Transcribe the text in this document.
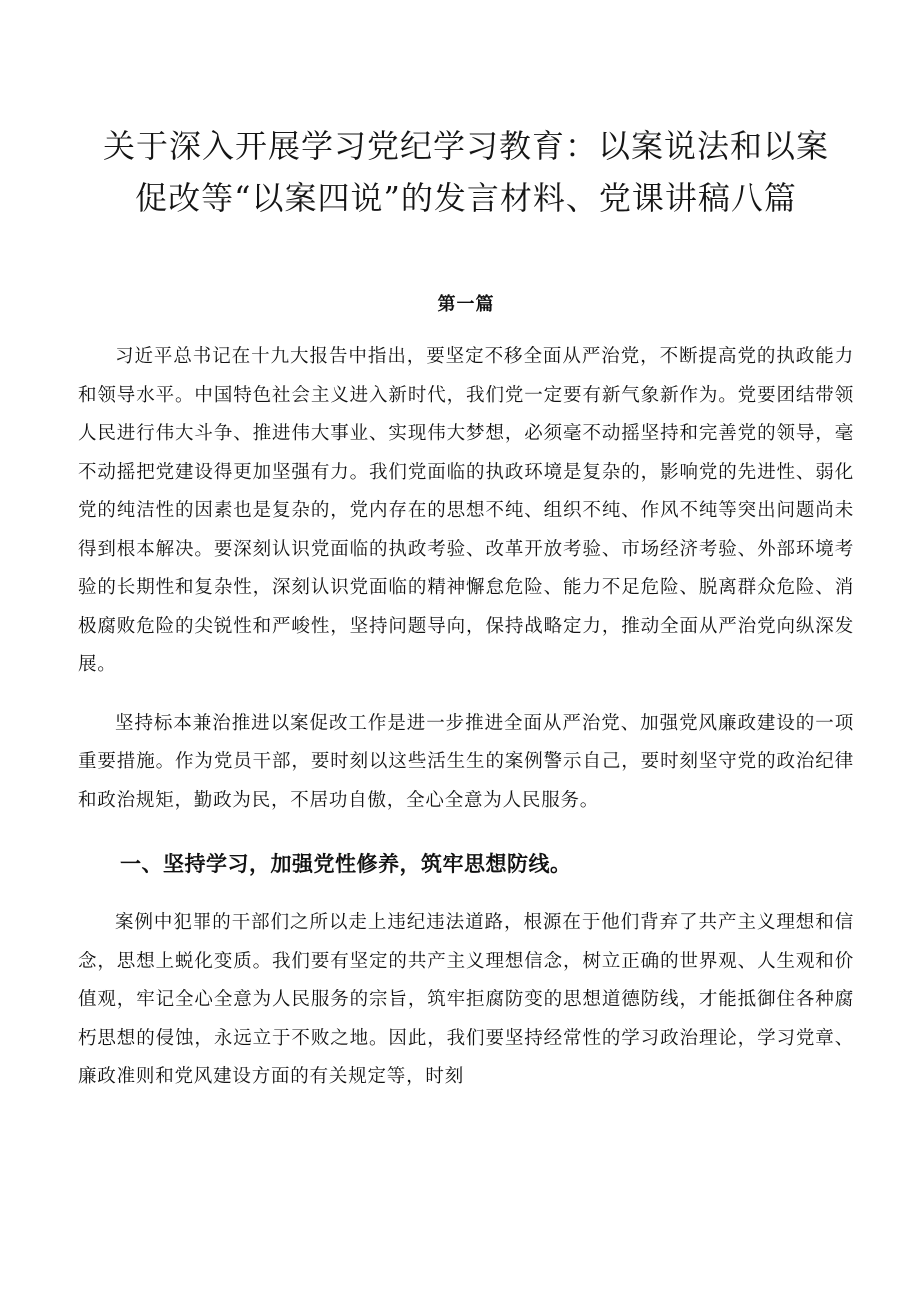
关于深入开展学习党纪学习教育：以案说法和以案
促改等“以案四说”的发言材料、党课讲稿八篇
第一篇

习近平总书记在十九大报告中指出，要坚定不移全面从严治党，不断提高党的执政能力和领导水平。中国特色社会主义进入新时代，我们党一定要有新气象新作为。党要团结带领人民进行伟大斗争、推进伟大事业、实现伟大梦想，必须毫不动摇坚持和完善党的领导，毫不动摇把党建设得更加坚强有力。我们党面临的执政环境是复杂的，影响党的先进性、弱化党的纯洁性的因素也是复杂的，党内存在的思想不纯、组织不纯、作风不纯等突出问题尚未得到根本解决。要深刻认识党面临的执政考验、改革开放考验、市场经济考验、外部环境考验的长期性和复杂性，深刻认识党面临的精神懈怠危险、能力不足危险、脱离群众危险、消极腐败危险的尖锐性和严峻性，坚持问题导向，保持战略定力，推动全面从严治党向纵深发展。

坚持标本兼治推进以案促改工作是进一步推进全面从严治党、加强党风廉政建设的一项重要措施。作为党员干部，要时刻以这些活生生的案例警示自己，要时刻坚守党的政治纪律和政治规矩，勤政为民，不居功自傲，全心全意为人民服务。

一、坚持学习，加强党性修养，筑牢思想防线。

案例中犯罪的干部们之所以走上违纪违法道路，根源在于他们背弃了共产主义理想和信念，思想上蜕化变质。我们要有坚定的共产主义理想信念，树立正确的世界观、人生观和价值观，牢记全心全意为人民服务的宗旨，筑牢拒腐防变的思想道德防线，才能抵御住各种腐朽思想的侵蚀，永远立于不败之地。因此，我们要坚持经常性的学习政治理论，学习党章、廉政准则和党风建设方面的有关规定等，时刻
